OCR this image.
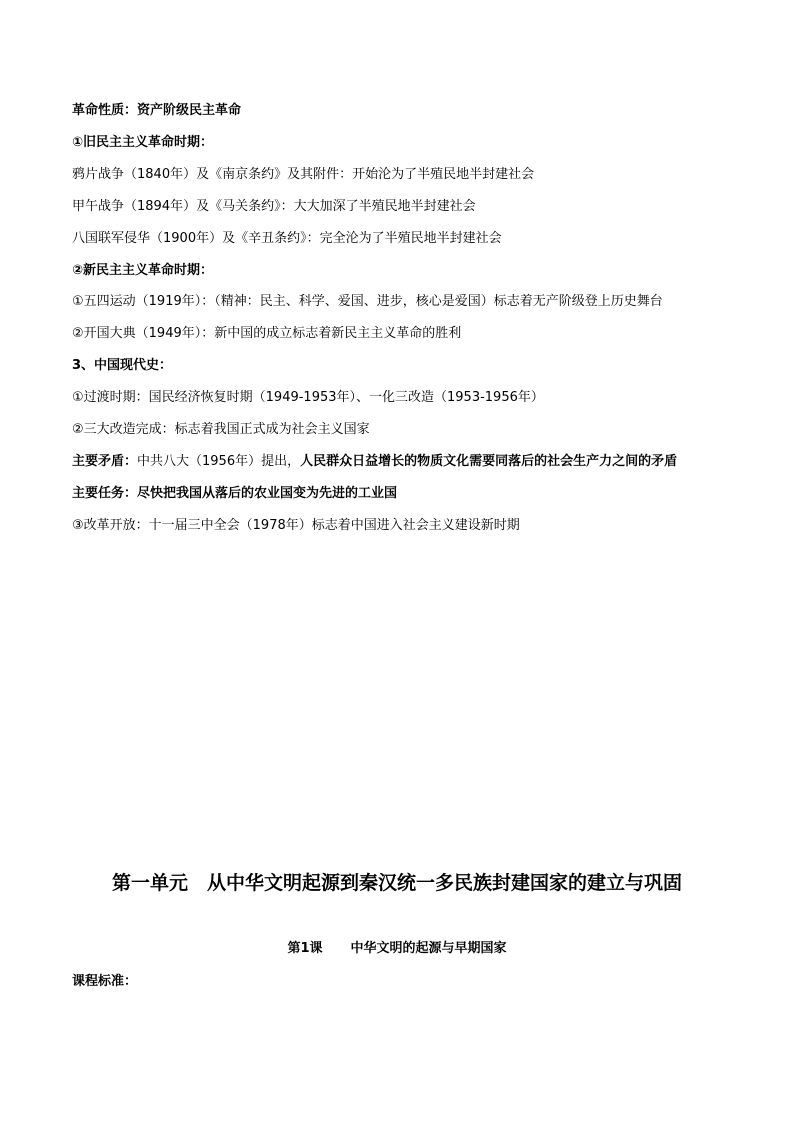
革命性质：资产阶级民主革命
①旧民主主义革命时期：
鸦片战争（1840年）及《南京条约》及其附件：开始沦为了半殖民地半封建社会
甲午战争（1894年）及《马关条约》：大大加深了半殖民地半封建社会
八国联军侵华（1900年）及《辛丑条约》：完全沦为了半殖民地半封建社会
②新民主主义革命时期：
①五四运动（1919年）：（精神：民主、科学、爱国、进步，核心是爱国）标志着无产阶级登上历史舞台
②开国大典（1949年）：新中国的成立标志着新民主主义革命的胜利
3、中国现代史：
①过渡时期：国民经济恢复时期（1949-1953年）、一化三改造（1953-1956年）
②三大改造完成：标志着我国正式成为社会主义国家
主要矛盾：中共八大（1956年）提出，人民群众日益增长的物质文化需要同落后的社会生产力之间的矛盾
主要任务：尽快把我国从落后的农业国变为先进的工业国
③改革开放：十一届三中全会（1978年）标志着中国进入社会主义建设新时期
第一单元　从中华文明起源到秦汉统一多民族封建国家的建立与巩固
第1课 中华文明的起源与早期国家
课程标准：
